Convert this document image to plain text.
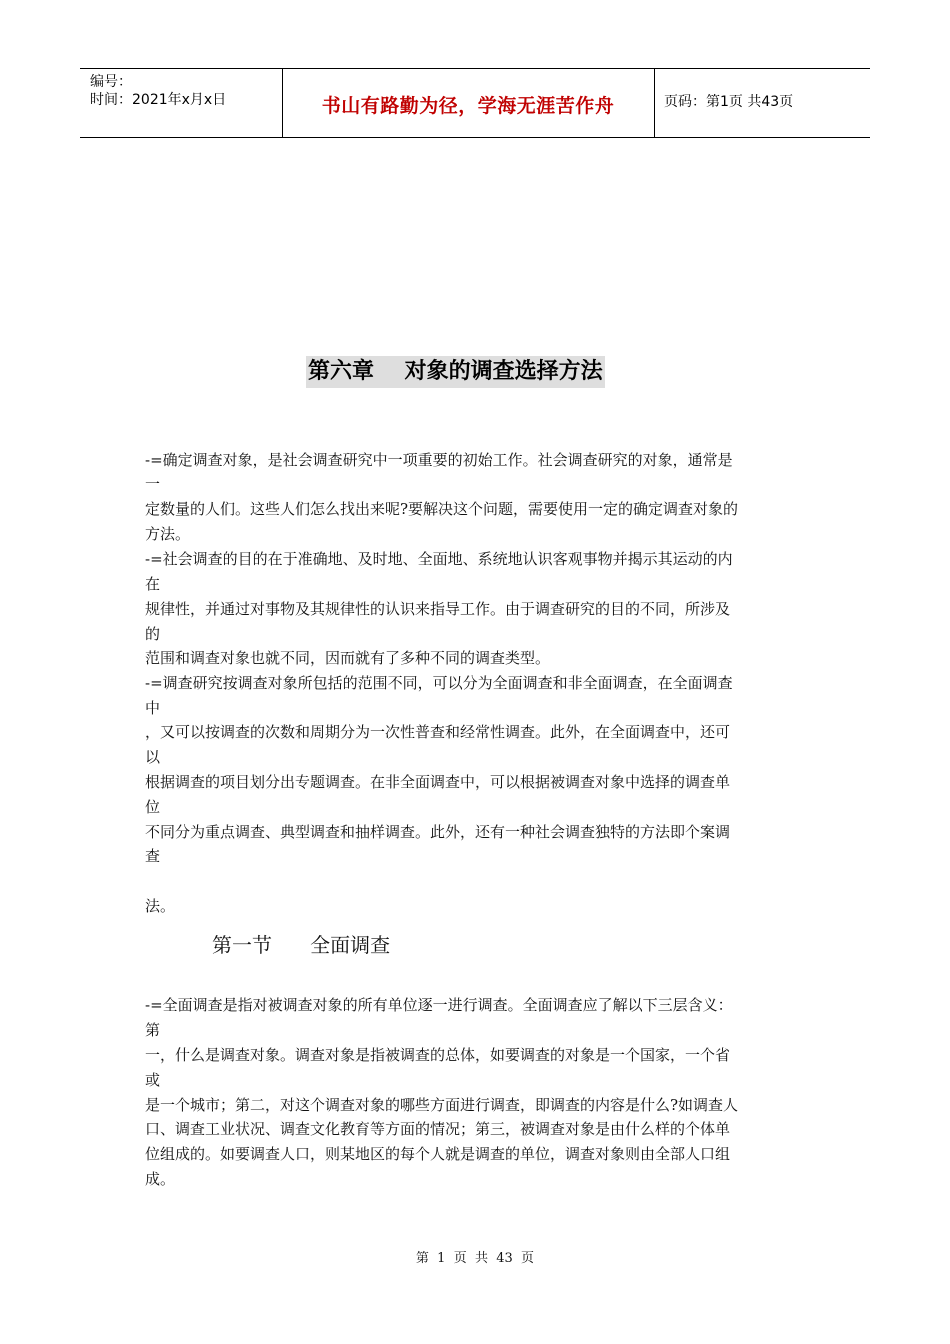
编号：
时间：2021年x月x日	书山有路勤为径，学海无涯苦作舟	页码：第1页 共43页
第六章    对象的调查选择方法
-=确定调查对象，是社会调查研究中一项重要的初始工作。社会调查研究的对象，通常是
一
定数量的人们。这些人们怎么找出来呢?要解决这个问题，需要使用一定的确定调查对象的
方法。
-=社会调查的目的在于准确地、及时地、全面地、系统地认识客观事物并揭示其运动的内
在
规律性，并通过对事物及其规律性的认识来指导工作。由于调查研究的目的不同，所涉及
的
范围和调查对象也就不同，因而就有了多种不同的调查类型。
-=调查研究按调查对象所包括的范围不同，可以分为全面调查和非全面调查，在全面调查
中
，又可以按调查的次数和周期分为一次性普查和经常性调查。此外，在全面调查中，还可
以
根据调查的项目划分出专题调查。在非全面调查中，可以根据被调查对象中选择的调查单
位
不同分为重点调查、典型调查和抽样调查。此外，还有一种社会调查独特的方法即个案调
查
法。
第一节      全面调查
-=全面调查是指对被调查对象的所有单位逐一进行调查。全面调查应了解以下三层含义：
第
一，什么是调查对象。调查对象是指被调查的总体，如要调查的对象是一个国家，一个省
或
是一个城市；第二，对这个调查对象的哪些方面进行调查，即调查的内容是什么?如调查人
口、调查工业状况、调查文化教育等方面的情况；第三，被调查对象是由什么样的个体单
位组成的。如要调查人口，则某地区的每个人就是调查的单位，调查对象则由全部人口组
成。
第  1  页  共  43  页
